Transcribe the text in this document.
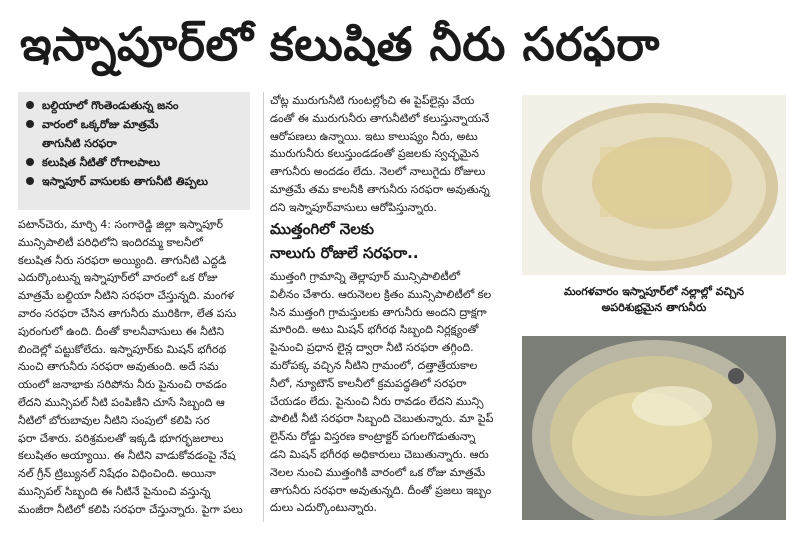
ఇస్నాపూర్‌లో కలుషిత నీరు సరఫరా
బల్దియాలో గొంతెండుతున్న జనం
వారంలో ఒక్కరోజు మాత్రమే
తాగునీటి సరఫరా
కలుషిత నీటితో రోగాలపాలు
ఇస్నాపూర్ వాసులకు తాగునీటి తిప్పలు
పటాన్‌చెరు, మార్చి 4: సంగారెడ్డి జిల్లా ఇస్నాపూర్
మున్సిపాలిటీ పరిధిలోని ఇందిరమ్మ కాలనీలో
కలుషిత నీరు సరఫరా అయ్యింది. తాగునీటి ఎద్దడి
ఎదుర్కొంటున్న ఇస్నాపూర్‌లో వారంలో ఒక రోజు
మాత్రమే బల్దియా నీటిని సరఫరా చేస్తున్నది. మంగళ
వారం సరఫరా చేసిన తాగునీరు మురికిగా, లేత పసు
పురంగులో ఉంది. దీంతో కాలనీవాసులు ఈ నీటిని
బిందెల్లో పట్టుకోలేదు. ఇస్నాపూర్‌కు మిషన్ భగీరథ
నుంచి తాగునీరు సరఫరా అవుతుంది. అదే సమ
యంలో జనాభాకు సరిపోను నీరు పైనుంచి రావడం
లేదని మున్సిపల్ నీటి పంపిణీని చూసే సిబ్బంది ఆ
నీటిలో బోరుబావుల నీటిని సంపులో కలిపి సర
ఫరా చేశారు. పరిశ్రమలతో ఇక్కడి భూగర్భజలాలు
కలుషితం అయ్యాయి. ఈ నీటిని వాడుకోవడంపై నేష
నల్ గ్రీన్ ట్రిబ్యునల్ నిషేధం విధించింది. అయినా
మున్సిపల్ సిబ్బంది ఈ నీటినే పైనుంచి వస్తున్న
మంజీరా నీటిలో కలిపి సరఫరా చేస్తున్నారు. పైగా పలు
చోట్ల మురుగునీటి గుంటల్లోంచి ఈ పైప్‌లైన్లు వేయ
డంతో ఈ మురుగునీరు తాగునీటిలో కలుస్తున్నాయనే
ఆరోపణలు ఉన్నాయి. ఇటు కాలుష్యం నీరు, అటు
మురుగునీరు కలుస్తుండడంతో ప్రజలకు స్వచ్ఛమైన
తాగునీరు అందడం లేదు. నెలలో నాలుగైదు రోజులు
మాత్రమే తమ కాలనీకి తాగునీరు సరఫరా అవుతున్న
దని ఇస్నాపూర్‌వాసులు ఆరోపిస్తున్నారు.
ముత్తంగిలో నెలకు
నాలుగు రోజులే సరఫరా..
ముత్తంగి గ్రామాన్ని తెల్లాపూర్ మున్సిపాలిటీలో
విలీనం చేశారు. ఆరునెలల క్రితం మున్సిపాలిటీలో కల
సిన ముత్తంగి గ్రామస్తులకు తాగునీరు అందని ద్రాక్షగా
మారింది. అటు మిషన్ భగీరథ సిబ్బంది నిర్లక్ష్యంతో
పైనుంచి ప్రధాన లైన్ల ద్వారా నీటి సరఫరా తగ్గింది.
మరోపక్క వచ్చిన నీటిని గ్రామంలో, దత్తాత్రేయకాల
నీలో, న్యూటౌన్ కాలనీలో క్రమపద్ధతిలో సరఫరా
చేయడం లేదు. పైనుంచి నీరు రావడం లేదని మున్సి
పాలిటీ నీటి సరఫరా సిబ్బంది చెబుతున్నారు. మా పైప్
లైన్‌ను రోడ్డు విస్తరణ కాంట్రాక్టర్ పగులగొడుతున్నా
డని మిషన్ భగీరథ అధికారులు చెబుతున్నారు. ఆరు
నెలల నుంచి ముత్తంగికి వారంలో ఒక రోజు మాత్రమే
తాగునీరు సరఫరా అవుతున్నది. దీంతో ప్రజలు ఇబ్బం
దులు ఎదుర్కొంటున్నారు.
మంగళవారం ఇస్నాపూర్‌లో నల్లాల్లో వచ్చిన
అపరిశుభ్రమైన తాగునీరు
